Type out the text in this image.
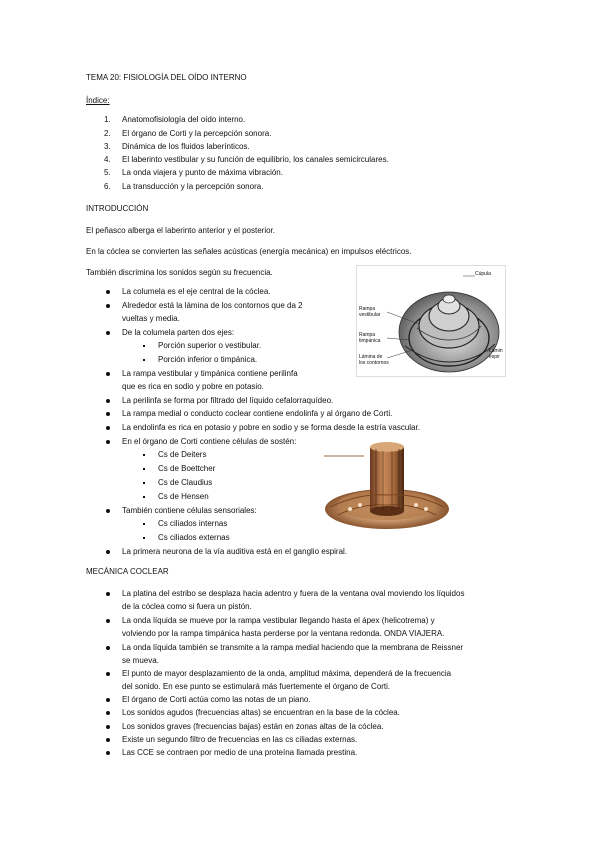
TEMA 20: FISIOLOGÍA DEL OÍDO INTERNO
Índice:
1. Anatomofisiología del oído interno.
2. El órgano de Corti y la percepción sonora.
3. Dinámica de los fluidos laberínticos.
4. El laberinto vestibular y su función de equilibrio, los canales semicirculares.
5. La onda viajera y punto de máxima vibración.
6. La transducción y la percepción sonora.
INTRODUCCIÓN
El peñasco alberga el laberinto anterior y el posterior.
En la cóclea se convierten las señales acústicas (energía mecánica) en impulsos eléctricos.
También discrimina los sonidos según su frecuencia.
La columela es el eje central de la cóclea.
Alrededor está la lámina de los contornos que da 2
vueltas y media.
De la columela parten dos ejes:
Porción superior o vestibular.
Porción inferior o timpánica.
La rampa vestibular y timpánica contiene perilinfa
que es rica en sodio y pobre en potasio.
La perilinfa se forma por filtrado del líquido cefalorraquídeo.
La rampa medial o conducto coclear contiene endolinfa y al órgano de Corti.
La endolinfa es rica en potasio y pobre en sodio y se forma desde la estría vascular.
En el órgano de Corti contiene células de sostén:
Cs de Deiters
Cs de Boettcher
Cs de Claudius
Cs de Hensen
También contiene células sensoriales:
Cs ciliados internas
Cs ciliados externas
La primera neurona de la vía auditiva está en el ganglio espiral.
Cúpula
Rampa
vestibular
Rampa
timpánica
Lámina de
los contornos
Lámin
espir
MECÁNICA COCLEAR
La platina del estribo se desplaza hacia adentro y fuera de la ventana oval moviendo los líquidos
de la cóclea como si fuera un pistón.
La onda líquida se mueve por la rampa vestibular llegando hasta el ápex (helicotrema) y
volviendo por la rampa timpánica hasta perderse por la ventana redonda. ONDA VIAJERA.
La onda líquida también se transmite a la rampa medial haciendo que la membrana de Reissner
se mueva.
El punto de mayor desplazamiento de la onda, amplitud máxima, dependerá de la frecuencia
del sonido. En ese punto se estimulará más fuertemente el órgano de Corti.
El órgano de Corti actúa como las notas de un piano.
Los sonidos agudos (frecuencias altas) se encuentran en la base de la cóclea.
Los sonidos graves (frecuencias bajas) están en zonas altas de la cóclea.
Existe un segundo filtro de frecuencias en las cs ciliadas externas.
Las CCE se contraen por medio de una proteína llamada prestina.
